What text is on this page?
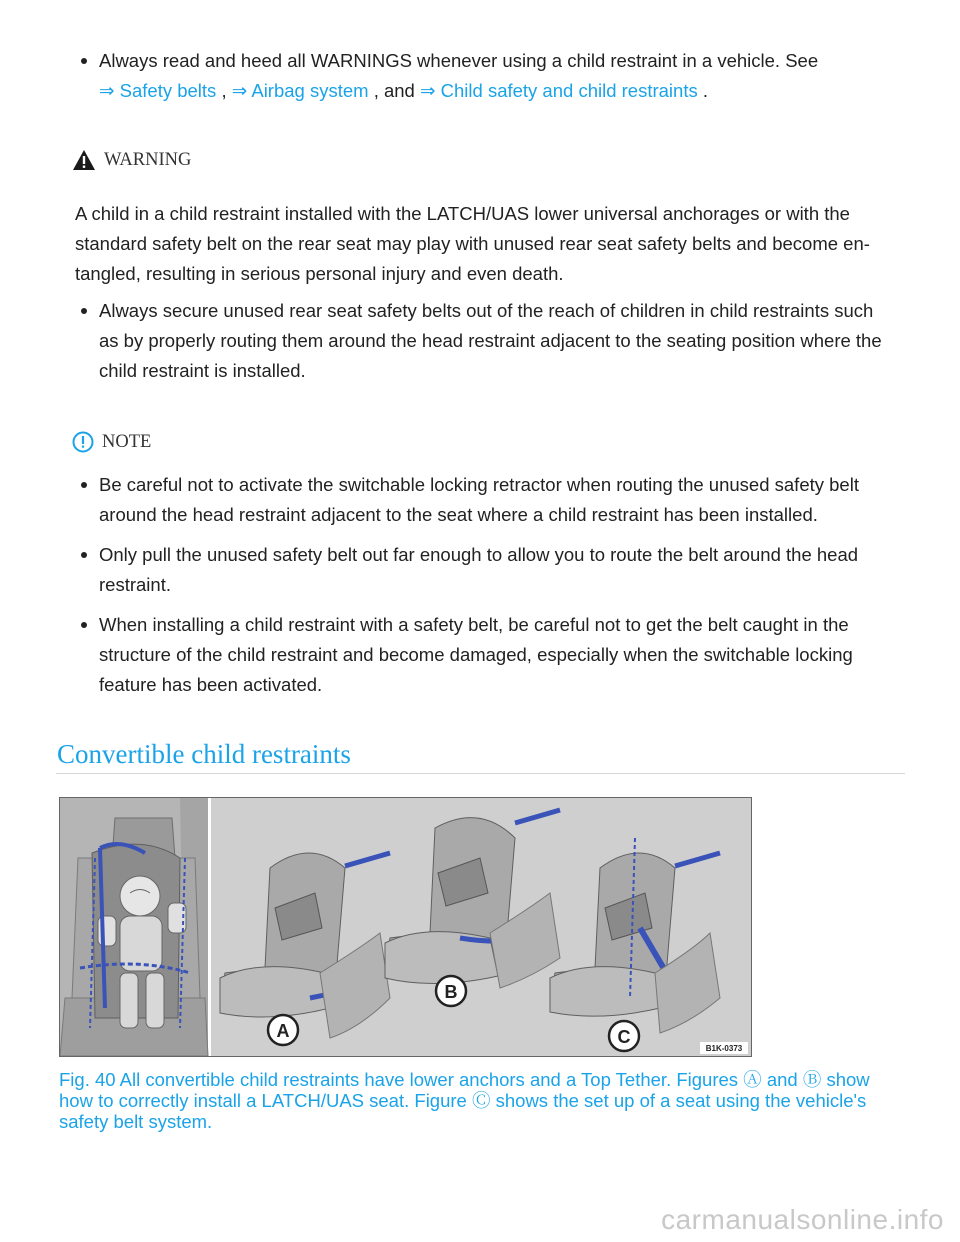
Always read and heed all WARNINGS whenever using a child restraint in a vehicle. See
⇒ Safety belts , ⇒ Airbag system , and ⇒ Child safety and child restraints .
WARNING
A child in a child restraint installed with the LATCH/UAS lower universal anchorages or with the standard safety belt on the rear seat may play with unused rear seat safety belts and become entangled, resulting in serious personal injury and even death.
Always secure unused rear seat safety belts out of the reach of children in child restraints such as by properly routing them around the head restraint adjacent to the seating position where the child restraint is installed.
NOTE
Be careful not to activate the switchable locking retractor when routing the unused safety belt around the head restraint adjacent to the seat where a child restraint has been installed.
Only pull the unused safety belt out far enough to allow you to route the belt around the head restraint.
When installing a child restraint with a safety belt, be careful not to get the belt caught in the structure of the child restraint and become damaged, especially when the switchable locking feature has been activated.
Convertible child restraints
A
B
C
B1K-0373
Fig. 40 All convertible child restraints have lower anchors and a Top Tether. Figures Ⓐ and Ⓑ show how to correctly install a LATCH/UAS seat. Figure Ⓒ shows the set up of a seat using the vehicle's safety belt system.
carmanualsonline.info
